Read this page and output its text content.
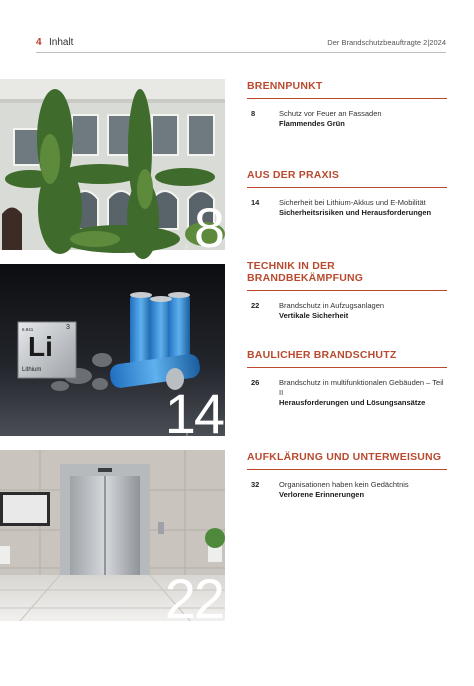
4 Inhalt	Der Brandschutzbeauftragte 2|2024
8
6.941	3
Li
Lithium
14
Foto: ale/Stockphoto – stock.adobe.com
22
BRENNPUNKT
8	Schutz vor Feuer an Fassaden
Flammendes Grün
AUS DER PRAXIS
14	Sicherheit bei Lithium-Akkus und E-Mobilität
Sicherheitsrisiken und Herausforderungen
TECHNIK IN DER BRANDBEKÄMPFUNG
22	Brandschutz in Aufzugsanlagen
Vertikale Sicherheit
BAULICHER BRANDSCHUTZ
26	Brandschutz in multifunktionalen Gebäuden – Teil II
Herausforderungen und Lösungsansätze
AUFKLÄRUNG UND UNTERWEISUNG
32	Organisationen haben kein Gedächtnis
Verlorene Erinnerungen
